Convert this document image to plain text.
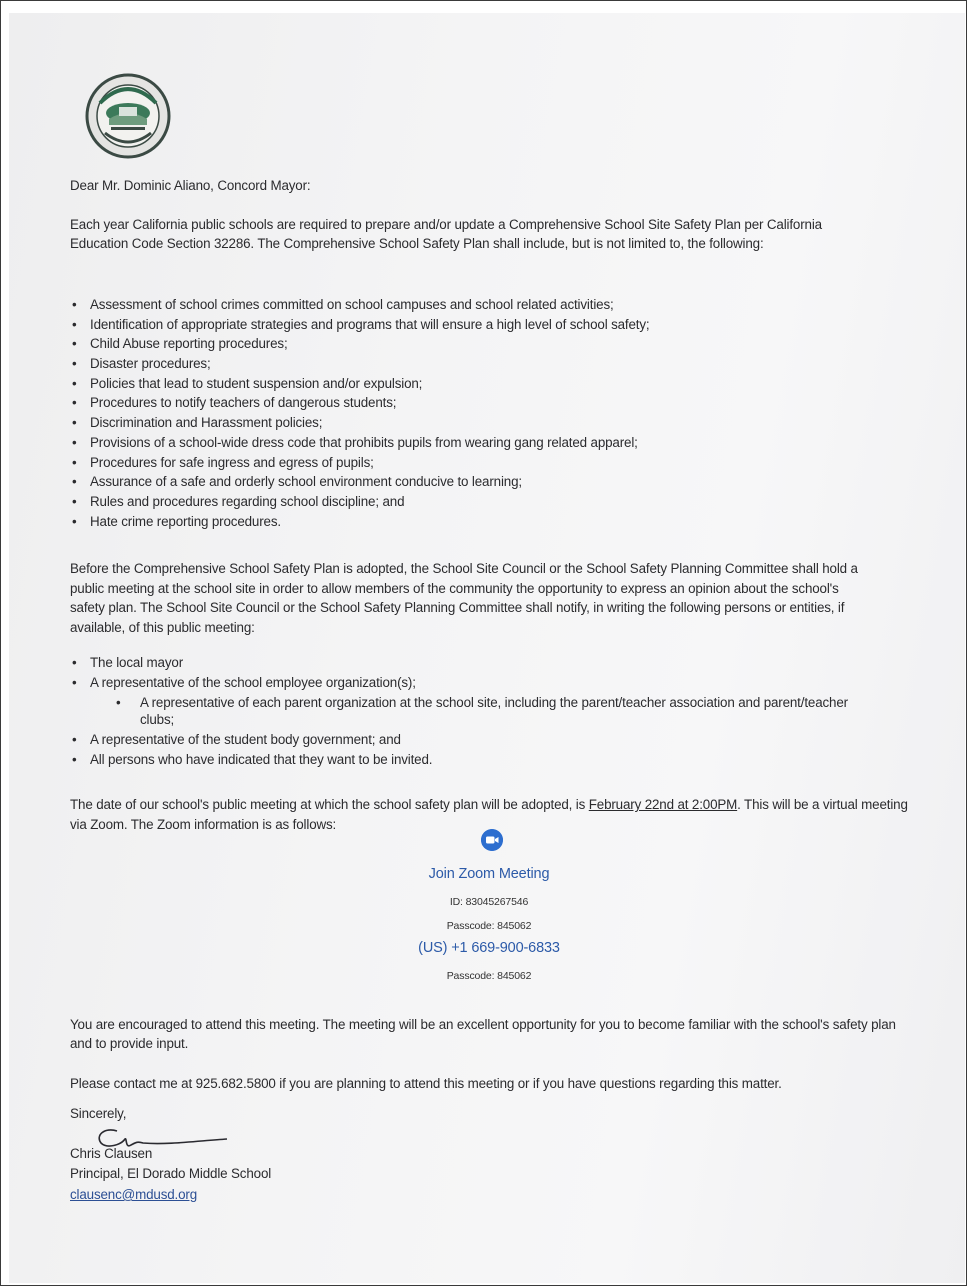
Dear Mr. Dominic Aliano, Concord Mayor:
Each year California public schools are required to prepare and/or update a Comprehensive School Site Safety Plan per California Education Code Section 32286. The Comprehensive School Safety Plan shall include, but is not limited to, the following:
• Assessment of school crimes committed on school campuses and school related activities;
• Identification of appropriate strategies and programs that will ensure a high level of school safety;
• Child Abuse reporting procedures;
• Disaster procedures;
• Policies that lead to student suspension and/or expulsion;
• Procedures to notify teachers of dangerous students;
• Discrimination and Harassment policies;
• Provisions of a school-wide dress code that prohibits pupils from wearing gang related apparel;
• Procedures for safe ingress and egress of pupils;
• Assurance of a safe and orderly school environment conducive to learning;
• Rules and procedures regarding school discipline; and
• Hate crime reporting procedures.
Before the Comprehensive School Safety Plan is adopted, the School Site Council or the School Safety Planning Committee shall hold a public meeting at the school site in order to allow members of the community the opportunity to express an opinion about the school's safety plan. The School Site Council or the School Safety Planning Committee shall notify, in writing the following persons or entities, if available, of this public meeting:
• The local mayor
• A representative of the school employee organization(s);
• A representative of each parent organization at the school site, including the parent/teacher association and parent/teacher clubs;
• A representative of the student body government; and
• All persons who have indicated that they want to be invited.
The date of our school's public meeting at which the school safety plan will be adopted, is February 22nd at 2:00PM. This will be a virtual meeting via Zoom. The Zoom information is as follows:
Join Zoom Meeting
ID: 83045267546
Passcode: 845062
(US) +1 669-900-6833
Passcode: 845062
You are encouraged to attend this meeting. The meeting will be an excellent opportunity for you to become familiar with the school's safety plan and to provide input.
Please contact me at 925.682.5800 if you are planning to attend this meeting or if you have questions regarding this matter.
Sincerely,
Chris Clausen
Principal, El Dorado Middle School
clausenc@mdusd.org
